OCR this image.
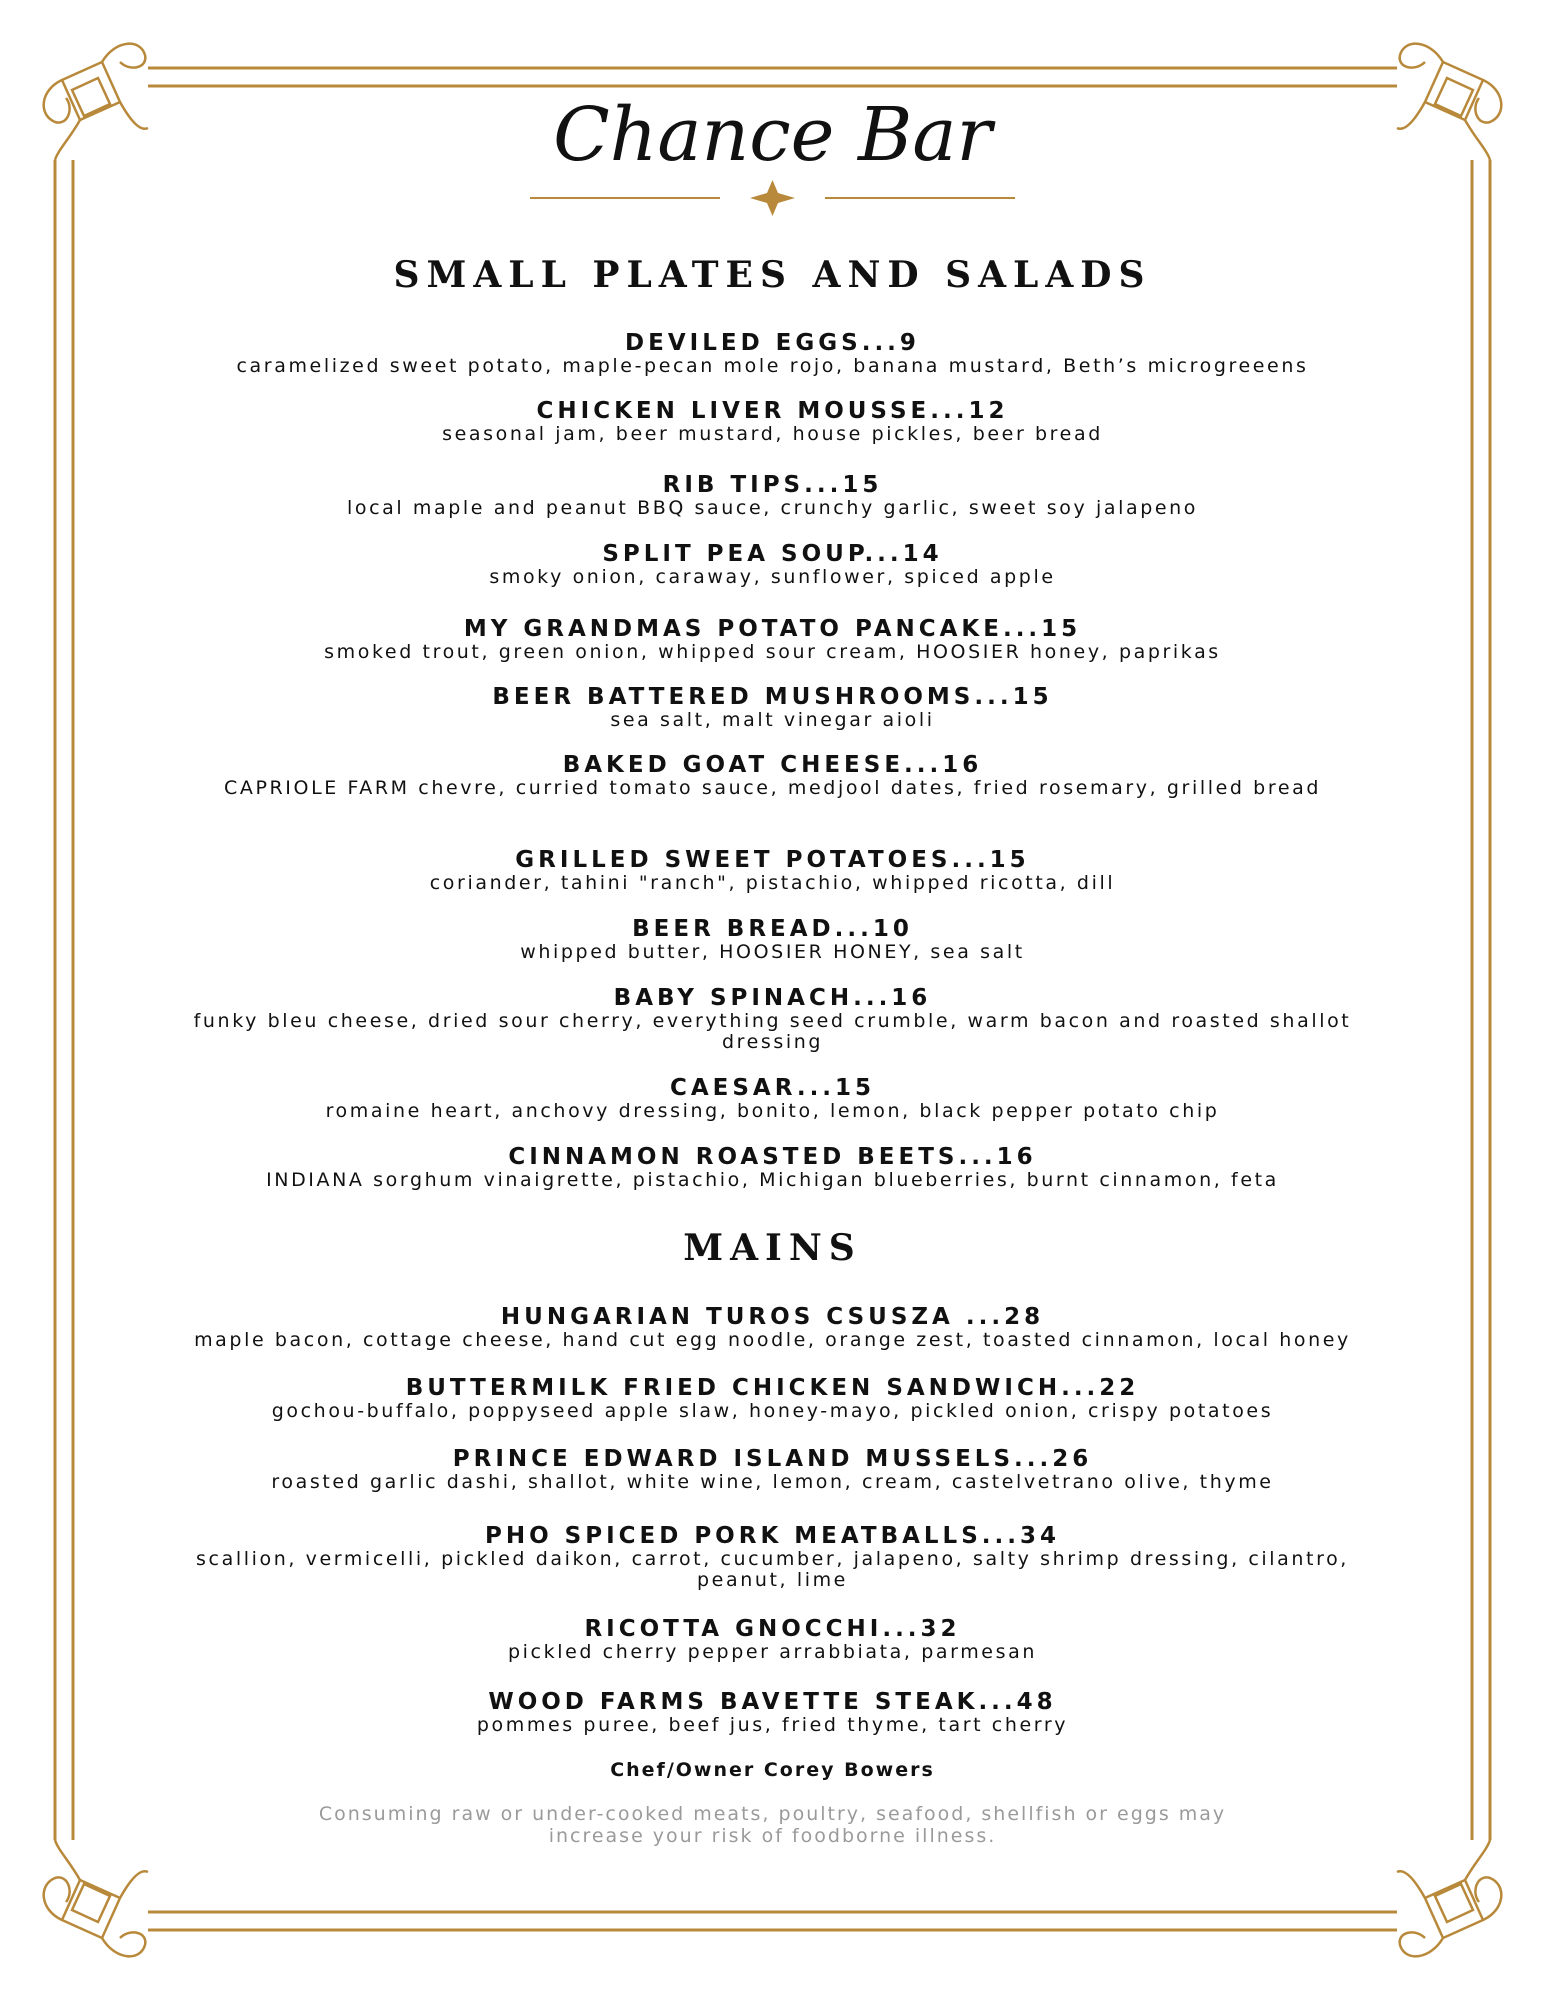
Chance Bar
SMALL PLATES AND SALADS
DEVILED EGGS...9
caramelized sweet potato, maple-pecan mole rojo, banana mustard, Beth’s microgreeens
CHICKEN LIVER MOUSSE...12
seasonal jam, beer mustard, house pickles, beer bread
RIB TIPS...15
local maple and peanut BBQ sauce, crunchy garlic, sweet soy jalapeno
SPLIT PEA SOUP...14
smoky onion, caraway, sunflower, spiced apple
MY GRANDMAS POTATO PANCAKE...15
smoked trout, green onion, whipped sour cream, HOOSIER honey, paprikas
BEER BATTERED MUSHROOMS...15
sea salt, malt vinegar aioli
BAKED GOAT CHEESE...16
CAPRIOLE FARM chevre, curried tomato sauce, medjool dates, fried rosemary, grilled bread
GRILLED SWEET POTATOES...15
coriander, tahini "ranch", pistachio, whipped ricotta, dill
BEER BREAD...10
whipped butter, HOOSIER HONEY, sea salt
BABY SPINACH...16
funky bleu cheese, dried sour cherry, everything seed crumble, warm bacon and roasted shallot dressing
CAESAR...15
romaine heart, anchovy dressing, bonito, lemon, black pepper potato chip
CINNAMON ROASTED BEETS...16
INDIANA sorghum vinaigrette, pistachio, Michigan blueberries, burnt cinnamon, feta
MAINS
HUNGARIAN TUROS CSUSZA ...28
maple bacon, cottage cheese, hand cut egg noodle, orange zest, toasted cinnamon, local honey
BUTTERMILK FRIED CHICKEN SANDWICH...22
gochou-buffalo, poppyseed apple slaw, honey-mayo, pickled onion, crispy potatoes
PRINCE EDWARD ISLAND MUSSELS...26
roasted garlic dashi, shallot, white wine, lemon, cream, castelvetrano olive, thyme
PHO SPICED PORK MEATBALLS...34
scallion, vermicelli, pickled daikon, carrot, cucumber, jalapeno, salty shrimp dressing, cilantro, peanut, lime
RICOTTA GNOCCHI...32
pickled cherry pepper arrabbiata, parmesan
WOOD FARMS BAVETTE STEAK...48
pommes puree, beef jus, fried thyme, tart cherry
Chef/Owner Corey Bowers
Consuming raw or under-cooked meats, poultry, seafood, shellfish or eggs may increase your risk of foodborne illness.
